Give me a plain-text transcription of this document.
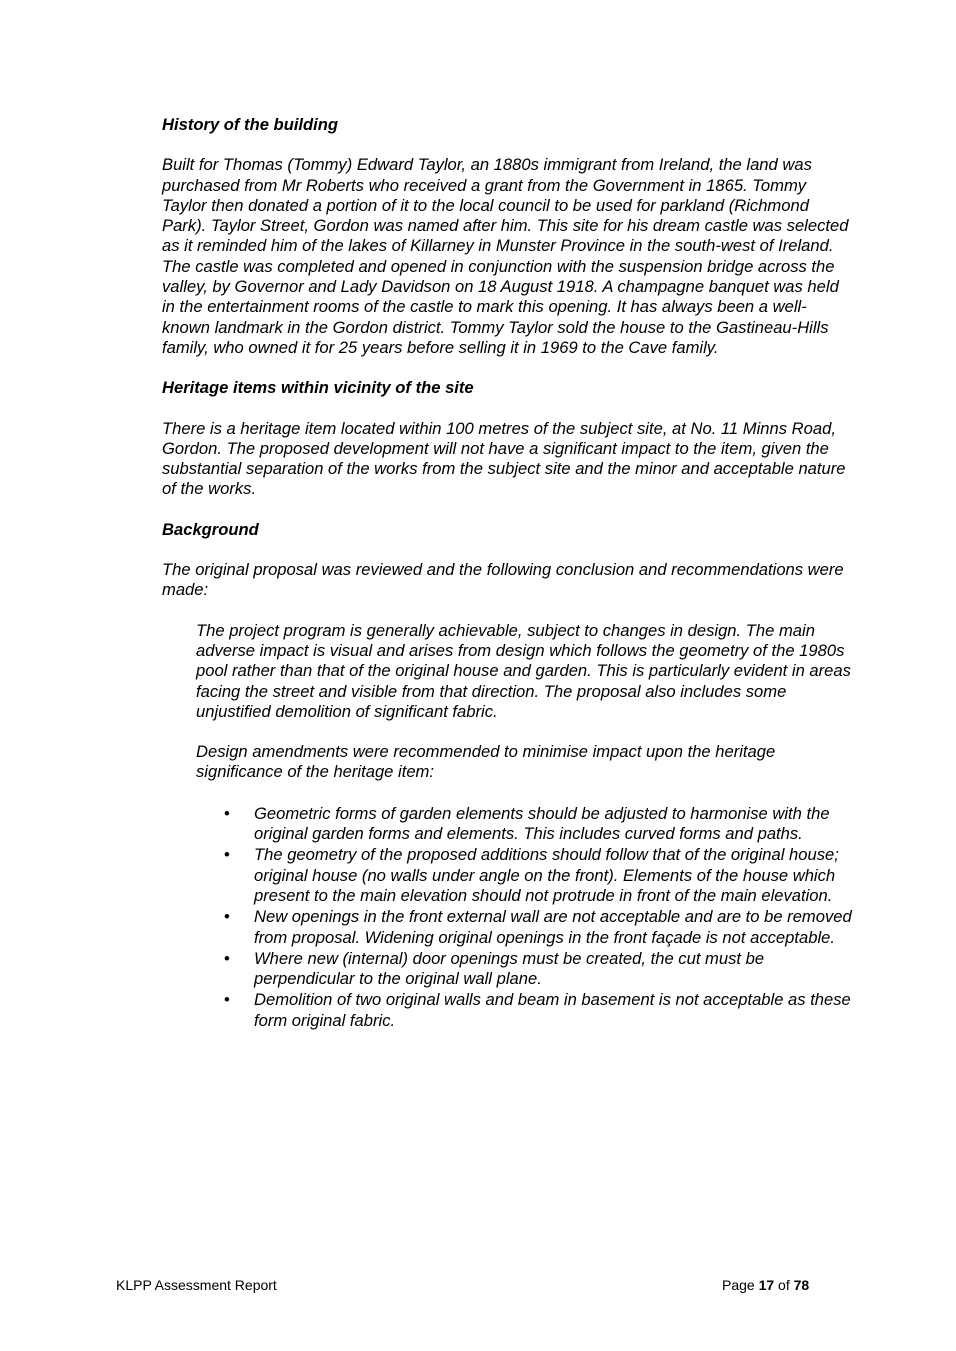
History of the building
Built for Thomas (Tommy) Edward Taylor, an 1880s immigrant from Ireland, the land was purchased from Mr Roberts who received a grant from the Government in 1865. Tommy Taylor then donated a portion of it to the local council to be used for parkland (Richmond Park). Taylor Street, Gordon was named after him. This site for his dream castle was selected as it reminded him of the lakes of Killarney in Munster Province in the south-west of Ireland. The castle was completed and opened in conjunction with the suspension bridge across the valley, by Governor and Lady Davidson on 18 August 1918. A champagne banquet was held in the entertainment rooms of the castle to mark this opening. It has always been a well-known landmark in the Gordon district. Tommy Taylor sold the house to the Gastineau-Hills family, who owned it for 25 years before selling it in 1969 to the Cave family.
Heritage items within vicinity of the site
There is a heritage item located within 100 metres of the subject site, at No. 11 Minns Road, Gordon. The proposed development will not have a significant impact to the item, given the substantial separation of the works from the subject site and the minor and acceptable nature of the works.
Background
The original proposal was reviewed and the following conclusion and recommendations were made:
The project program is generally achievable, subject to changes in design. The main adverse impact is visual and arises from design which follows the geometry of the 1980s pool rather than that of the original house and garden. This is particularly evident in areas facing the street and visible from that direction. The proposal also includes some unjustified demolition of significant fabric.
Design amendments were recommended to minimise impact upon the heritage significance of the heritage item:
• Geometric forms of garden elements should be adjusted to harmonise with the original garden forms and elements. This includes curved forms and paths.
• The geometry of the proposed additions should follow that of the original house; original house (no walls under angle on the front). Elements of the house which present to the main elevation should not protrude in front of the main elevation.
• New openings in the front external wall are not acceptable and are to be removed from proposal. Widening original openings in the front façade is not acceptable.
• Where new (internal) door openings must be created, the cut must be perpendicular to the original wall plane.
• Demolition of two original walls and beam in basement is not acceptable as these form original fabric.
KLPP Assessment Report	Page 17 of 78
